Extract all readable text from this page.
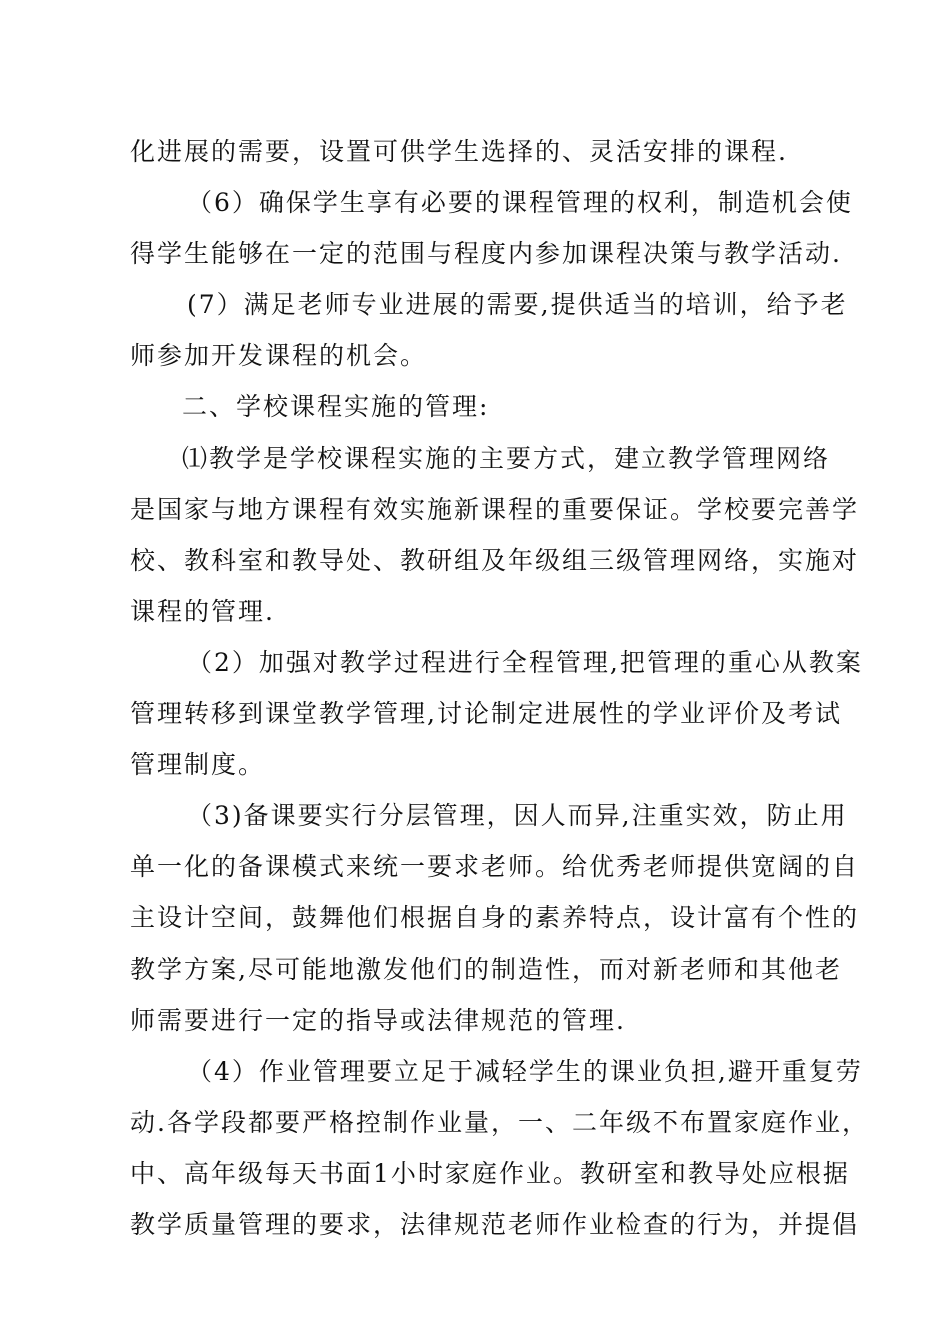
化进展的需要，设置可供学生选择的、灵活安排的课程.
（6）确保学生享有必要的课程管理的权利，制造机会使
得学生能够在一定的范围与程度内参加课程决策与教学活动.
(7）满足老师专业进展的需要,提供适当的培训，给予老
师参加开发课程的机会。
二、学校课程实施的管理:
⑴教学是学校课程实施的主要方式，建立教学管理网络
是国家与地方课程有效实施新课程的重要保证。学校要完善学
校、教科室和教导处、教研组及年级组三级管理网络，实施对
课程的管理.
（2）加强对教学过程进行全程管理,把管理的重心从教案
管理转移到课堂教学管理,讨论制定进展性的学业评价及考试
管理制度。
（3)备课要实行分层管理，因人而异,注重实效，防止用
单一化的备课模式来统一要求老师。给优秀老师提供宽阔的自
主设计空间，鼓舞他们根据自身的素养特点，设计富有个性的
教学方案,尽可能地激发他们的制造性，而对新老师和其他老
师需要进行一定的指导或法律规范的管理.
（4）作业管理要立足于减轻学生的课业负担,避开重复劳
动.各学段都要严格控制作业量，一、二年级不布置家庭作业，
中、高年级每天书面1小时家庭作业。教研室和教导处应根据
教学质量管理的要求，法律规范老师作业检查的行为，并提倡
